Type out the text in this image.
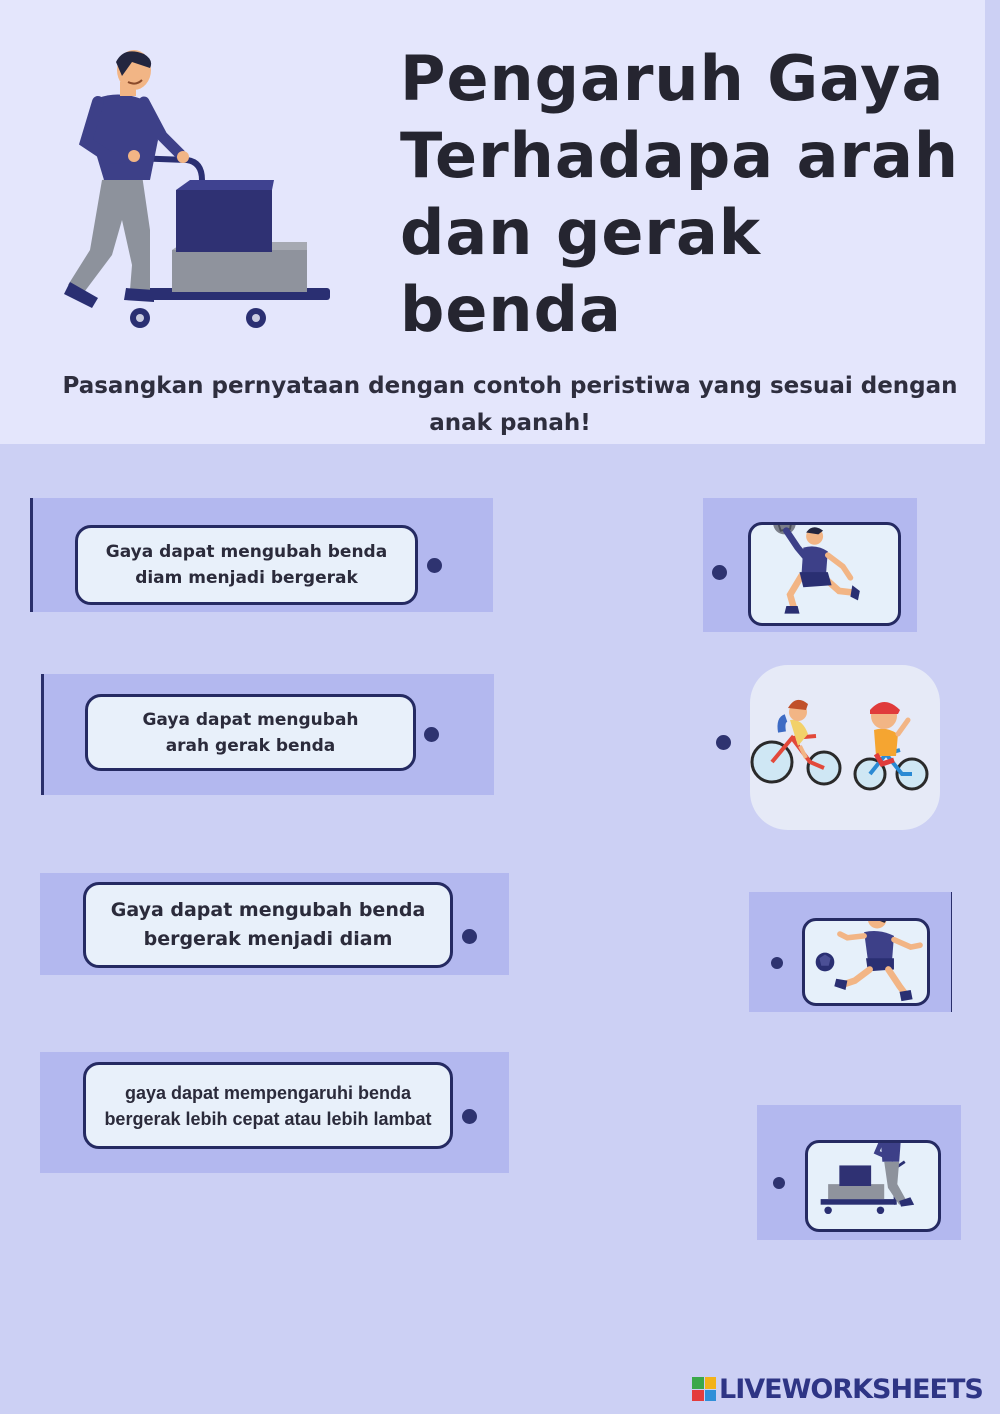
Pengaruh Gaya Terhadapa arah dan gerak benda

Pasangkan pernyataan dengan contoh peristiwa yang sesuai dengan anak panah!

Gaya dapat mengubah benda diam menjadi bergerak
Gaya dapat mengubah arah gerak benda
Gaya dapat mengubah benda bergerak menjadi diam
gaya dapat mempengaruhi benda bergerak lebih cepat atau lebih lambat
LIVEWORKSHEETS
